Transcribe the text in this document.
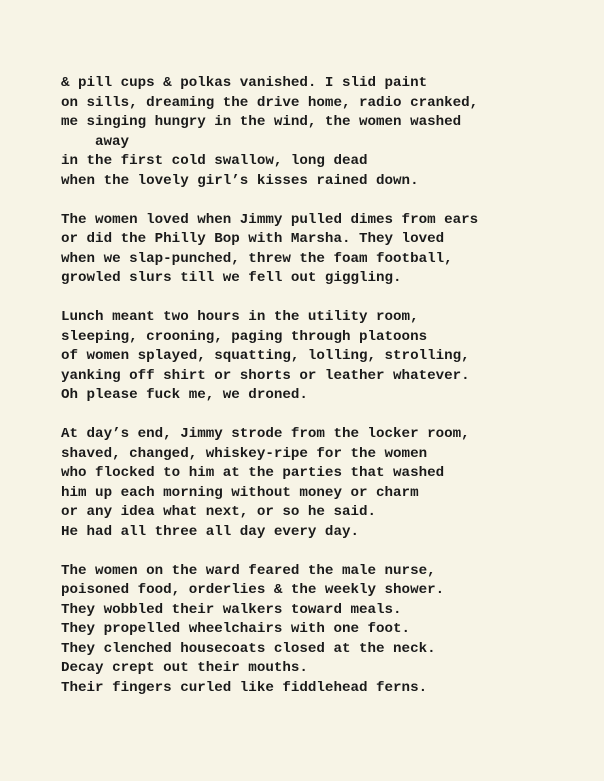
& pill cups & polkas vanished. I slid paint
on sills, dreaming the drive home, radio cranked,
me singing hungry in the wind, the women washed
away
in the first cold swallow, long dead
when the lovely girl’s kisses rained down.
The women loved when Jimmy pulled dimes from ears
or did the Philly Bop with Marsha. They loved
when we slap-punched, threw the foam football,
growled slurs till we fell out giggling.
Lunch meant two hours in the utility room,
sleeping, crooning, paging through platoons
of women splayed, squatting, lolling, strolling,
yanking off shirt or shorts or leather whatever.
Oh please fuck me, we droned.
At day’s end, Jimmy strode from the locker room,
shaved, changed, whiskey-ripe for the women
who flocked to him at the parties that washed
him up each morning without money or charm
or any idea what next, or so he said.
He had all three all day every day.
The women on the ward feared the male nurse,
poisoned food, orderlies & the weekly shower.
They wobbled their walkers toward meals.
They propelled wheelchairs with one foot.
They clenched housecoats closed at the neck.
Decay crept out their mouths.
Their fingers curled like fiddlehead ferns.
